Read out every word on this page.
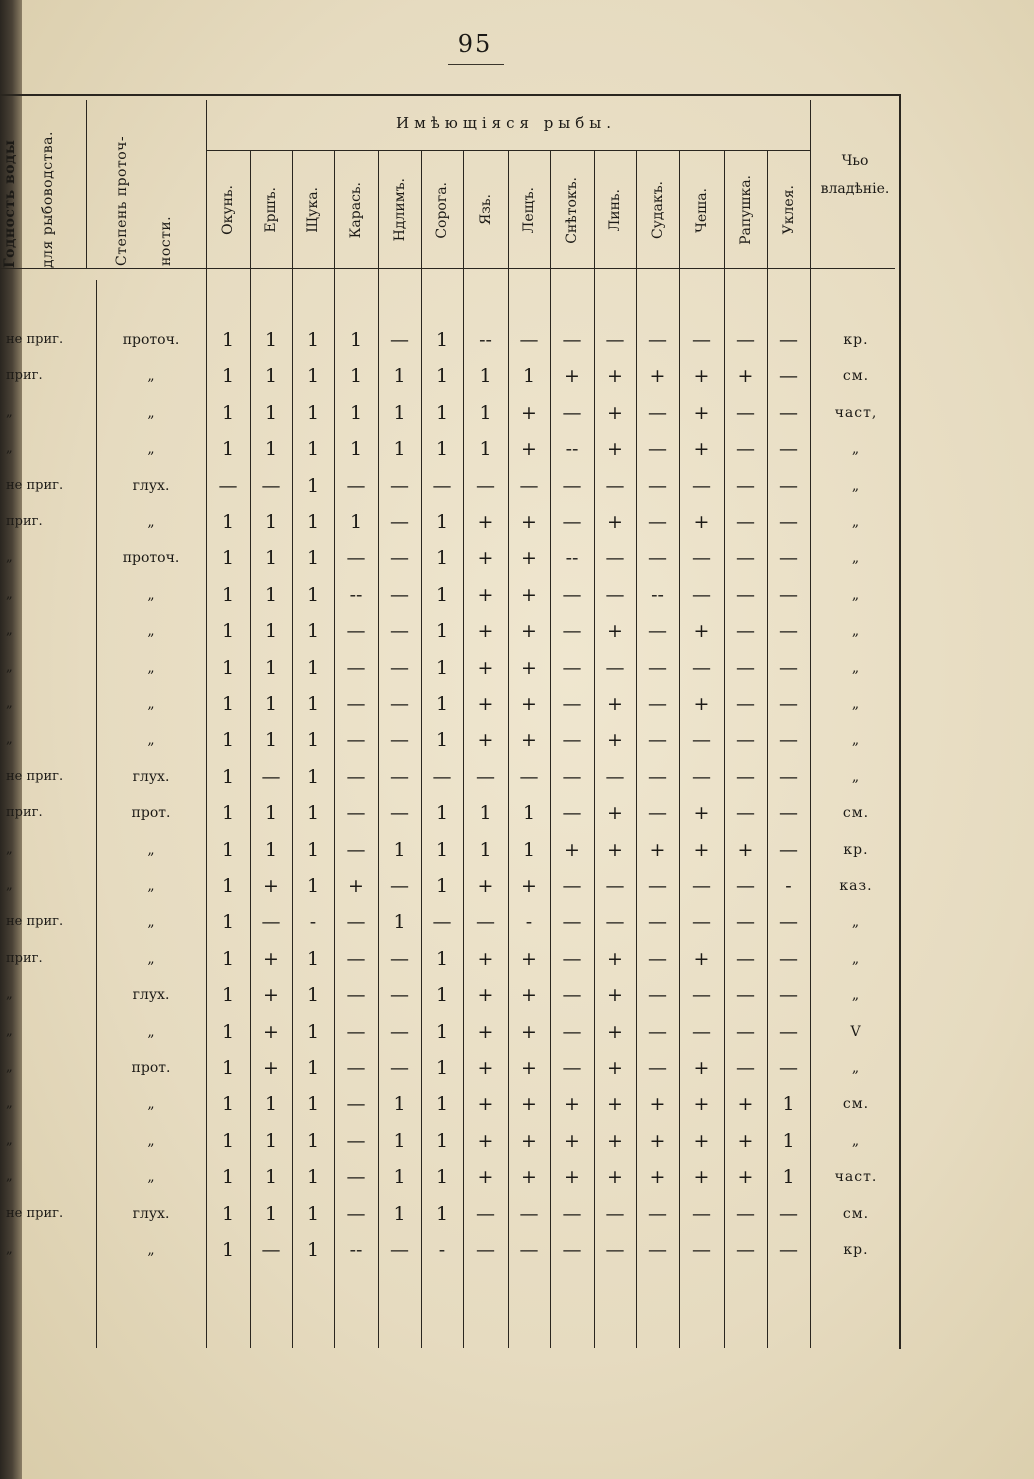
95
Годность воды для рыбоводства.	Степень проточ- ности.
Имѣющіяся рыбы.
Чьо
владѣніе.
Окунь. Ершъ. Щука. Карась. Ндлимъ. Сорога. Язь. Лещъ. Снѣтокъ. Линь. Судакъ. Чеша. Рапушка. Уклея.
не приг.	проточ.	1	1	1	1	—	1	--	—	—	—	—	—	—	—	кр.
приг.	„	1	1	1	1	1	1	1	1	+	+	+	+	+	—	см.
„	„	1	1	1	1	1	1	1	+	—	+	—	+	—	—	част,
„	„	1	1	1	1	1	1	1	+	--	+	—	+	—	—	„
не приг.	глух.	—	—	1	—	—	—	—	—	—	—	—	—	—	—	„
приг.	„	1	1	1	1	—	1	+	+	—	+	—	+	—	—	„
„	проточ.	1	1	1	—	—	1	+	+	--	—	—	—	—	—	„
„	„	1	1	1	--	—	1	+	+	—	—	--	—	—	—	„
„	„	1	1	1	—	—	1	+	+	—	+	—	+	—	—	„
„	„	1	1	1	—	—	1	+	+	—	—	—	—	—	—	„
„	„	1	1	1	—	—	1	+	+	—	+	—	+	—	—	„
„	„	1	1	1	—	—	1	+	+	—	+	—	—	—	—	„
не приг.	глух.	1	—	1	—	—	—	—	—	—	—	—	—	—	—	„
приг.	прот.	1	1	1	—	—	1	1	1	—	+	—	+	—	—	см.
„	„	1	1	1	—	1	1	1	1	+	+	+	+	+	—	кр.
„	„	1	+	1	+	—	1	+	+	—	—	—	—	—	-	каз.
не приг.	„	1	—	-	—	1	—	—	-	—	—	—	—	—	—	„
приг.	„	1	+	1	—	—	1	+	+	—	+	—	+	—	—	„
„	глух.	1	+	1	—	—	1	+	+	—	+	—	—	—	—	„
„	„	1	+	1	—	—	1	+	+	—	+	—	—	—	—	V
„	прот.	1	+	1	—	—	1	+	+	—	+	—	+	—	—	„
„	„	1	1	1	—	1	1	+	+	+	+	+	+	+	1	см.
„	„	1	1	1	—	1	1	+	+	+	+	+	+	+	1	„
„	„	1	1	1	—	1	1	+	+	+	+	+	+	+	1	част.
не приг.	глух.	1	1	1	—	1	1	—	—	—	—	—	—	—	—	см.
„	„	1	—	1	--	—	-	—	—	—	—	—	—	—	—	кр.
